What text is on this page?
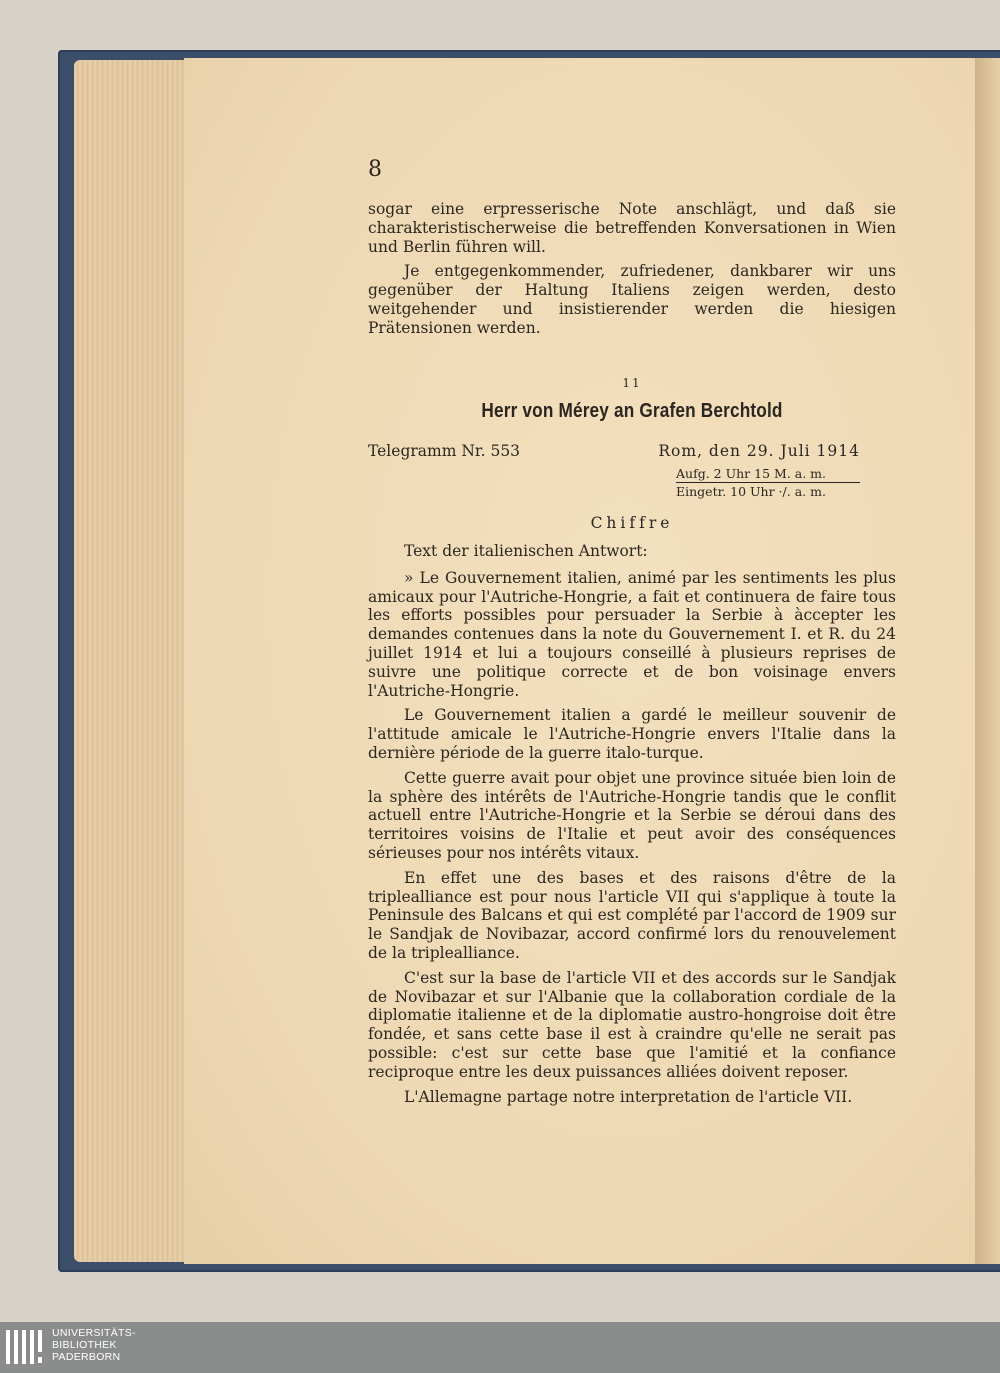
8

sogar eine erpresserische Note anschlägt, und daß sie charakteristischerweise die betreffenden Konversationen in Wien und Berlin führen will.

Je entgegenkommender, zufriedener, dankbarer wir uns gegenüber der Haltung Italiens zeigen werden, desto weitgehender und insistierender werden die hiesigen Prätensionen werden.

11
Herr von Mérey an Grafen Berchtold
Telegramm Nr. 553	Rom, den 29. Juli 1914
Aufg. 2 Uhr 15 M. a. m.
Eingetr. 10 Uhr ·/. a. m.
Chiffre

Text der italienischen Antwort:

» Le Gouvernement italien, animé par les sentiments les plus amicaux pour l'Autriche-Hongrie, a fait et continuera de faire tous les efforts possibles pour persuader la Serbie à àccepter les demandes contenues dans la note du Gouvernement I. et R. du 24 juillet 1914 et lui a toujours conseillé à plusieurs reprises de suivre une politique correcte et de bon voisinage envers l'Autriche-Hongrie.

Le Gouvernement italien a gardé le meilleur souvenir de l'attitude amicale le l'Autriche-Hongrie envers l'Italie dans la dernière période de la guerre italo-turque.

Cette guerre avait pour objet une province située bien loin de la sphère des intérêts de l'Autriche-Hongrie tandis que le conflit actuell entre l'Autriche-Hongrie et la Serbie se déroui dans des territoires voisins de l'Italie et peut avoir des conséquences sérieuses pour nos intérêts vitaux.

En effet une des bases et des raisons d'être de la triplealliance est pour nous l'article VII qui s'applique à toute la Peninsule des Balcans et qui est complété par l'accord de 1909 sur le Sandjak de Novibazar, accord confirmé lors du renouvelement de la triplealliance.

C'est sur la base de l'article VII et des accords sur le Sandjak de Novibazar et sur l'Albanie que la collaboration cordiale de la diplomatie italienne et de la diplomatie austro-hongroise doit être fondée, et sans cette base il est à craindre qu'elle ne serait pas possible: c'est sur cette base que l'amitié et la confiance reciproque entre les deux puissances alliées doivent reposer.

L'Allemagne partage notre interpretation de l'article VII.

UNIVERSITÄTS-
BIBLIOTHEK
PADERBORN
